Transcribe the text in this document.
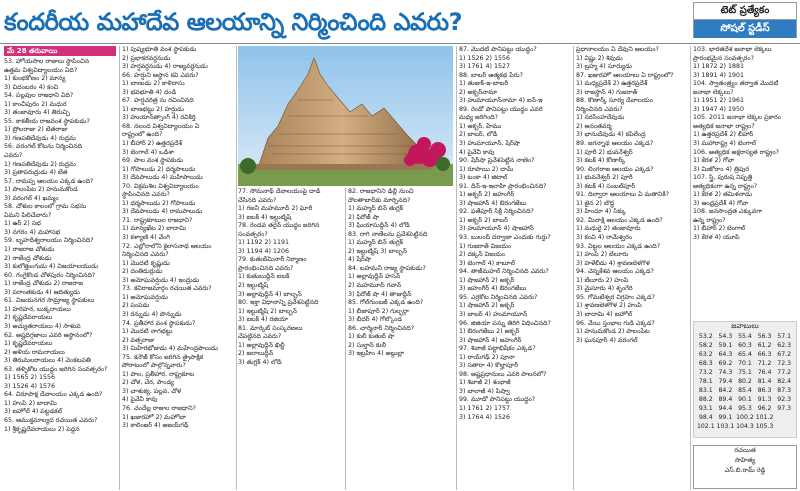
కందరీయ మహాదేవ ఆలయాన్ని నిర్మించింది ఎవరు?	టెట్ ప్రత్యేకం
సోషల్ స్టడీస్
మే 28 తరువాయి
53. హోయసాల రాజులు స్థాపించిన
ఉత్తమ విశ్వవిద్యాలయం ఏది?
1) కుంభకోణం 2) మాన్య
3) చిదంబరం 4) కంచి
54. పల్లవుల రాజధాని ఏది?
1) కాంచీపురం 2) మధుర
3) తంజావూరు 4) తిరుచ్చి
55. కాకతీయ రాజవంశ స్థాపకుడు?
1) ప్రోలరాజు 2) బేతరాజు
3) గణపతిదేవుడు 4) రుద్రమ
56. వరంగల్ కోటను నిర్మించినది
ఎవరు?
1) గణపతిదేవుడు 2) రుద్రమ
3) ప్రతాపరుద్రుడు 4) బేత
57. రామప్ప ఆలయం ఎక్కడ ఉంది?
1) పాలంపేట 2) హనుమకొండ
3) వరంగల్ 4) ఖమ్మం
58. చోళుల కాలంలో గ్రామ సభను
ఏమని పిలిచేవారు?
1) ఉర్ 2) సభ
3) నగరం 4) మహాసభ
59. బృహదీశ్వరాలయం నిర్మించినది?
1) రాజరాజ చోళుడు
2) రాజేంద్ర చోళుడు
3) కులోత్తుంగుడు 4) విజయాలయుడు
60. గంగైకొండ చోళపురం నిర్మించినది?
1) రాజేంద్ర చోళుడు 2) రాజరాజ
3) పరాంతకుడు 4) ఆదిత్యుడు
61. విజయనగర సామ్రాజ్య స్థాపకులు
1) హరిహర, బుక్కరాయలు
2) కృష్ణదేవరాయలు
3) అచ్యుతరాయలు 4) సాళువ
62. అష్టదిగ్గజాలు ఎవరి ఆస్థానంలో?
1) కృష్ణదేవరాయలు
2) అళియ రామరాయలు
3) తిరుమలరాయలు 4) వెంకటపతి
63. తళ్ళికోట యుద్ధం జరిగిన సంవత్సరం?
1) 1565 2) 1556
3) 1526 4) 1576
64. విరూపాక్ష దేవాలయం ఎక్కడ ఉంది?
1) హంపి 2) బాదామి
3) ఐహోల్ 4) పట్టడకల్
65. ఆముక్తమాల్యద రచయిత ఎవరు?
1) శ్రీకృష్ణదేవరాయలు 2) పెద్దన
1) పుష్యభూతి వంశ స్థాపకుడు
2) ప్రభాకరవర్ధనుడు
3) హర్షవర్ధనుడు 4) రాజ్యవర్ధనుడు
66. హర్షుని ఆస్థాన కవి ఎవరు?
1) బాణుడు 2) కాళిదాసు
3) భవభూతి 4) దండి
67. హర్షచరిత్ర ను రచించినది
1) బాణభట్టు 2) హర్షుడు
3) హుయాన్‌త్సాంగ్ 4) రవికీర్తి
68. నలంద విశ్వవిద్యాలయం ఏ
రాష్ట్రంలో ఉంది?
1) బీహార్ 2) ఉత్తరప్రదేశ్
3) బెంగాల్ 4) ఒడిశా
69. పాల వంశ స్థాపకుడు
1) గోపాలుడు 2) ధర్మపాలుడు
3) దేవపాలుడు 4) మహీపాలుడు
70. విక్రమశిల విశ్వవిద్యాలయం
స్థాపించినది ఎవరు?
1) ధర్మపాలుడు 2) గోపాలుడు
3) దేవపాలుడు 4) రామపాలుడు
71. రాష్ట్రకూటుల రాజధాని?
1) మాన్యఖేట 2) బాదామి
3) కళ్యాణి 4) వేంగి
72. ఎల్లోరాలోని కైలాసనాథ ఆలయం
నిర్మించినది ఎవరు?
1) మొదటి కృష్ణుడు
2) దంతిదుర్గుడు
3) అమోఘవర్షుడు 4) ఇంద్రుడు
73. కవిరాజమార్గం రచయిత ఎవరు?
1) అమోఘవర్షుడు
2) పంపడు
3) రన్నుడు 4) పొన్నుడు
74. ప్రతీహార వంశ స్థాపకుడు?
1) మొదటి నాగభట్టు
2) వత్సరాజు
3) మిహిరభోజుడు 4) మహేంద్రపాలుడు
75. కనౌజ్ కోసం జరిగిన త్రైపాక్షిక
పోరాటంలో పాల్గొన్నవారు?
1) పాల, ప్రతీహార, రాష్ట్రకూట
2) చోళ, చేర, పాండ్య
3) చాళుక్య, పల్లవ, చోళ
4) పైవేవీ కావు
76. చందేల్ల రాజుల రాజధాని?
1) ఖజురహో 2) మహోబా
3) కాలింజర్ 4) అజయ్‌గఢ్
77. సోమనాథ్ దేవాలయంపై దాడి
చేసినది ఎవరు?
1) గజనీ మహమూద్ 2) ఘోరీ
3) ఐబక్ 4) ఇల్టుట్మిష్
78. రెండవ తరైన్ యుద్ధం జరిగిన
సంవత్సరం?
1) 1192 2) 1191
3) 1194 4) 1206
79. కుతుబ్‌మినార్ నిర్మాణం
ప్రారంభించినది ఎవరు?
1) కుతుబుద్దీన్ ఐబక్
2) ఇల్టుట్మిష్
3) అల్లావుద్దీన్ 4) బాల్బన్
80. ఇక్తా విధానాన్ని ప్రవేశపెట్టినది
1) ఇల్టుట్మిష్ 2) బాల్బన్
3) ఐబక్ 4) రజియా
81. మార్కెట్ సంస్కరణలు
చేపట్టినది ఎవరు?
1) అల్లావుద్దీన్ ఖిల్జీ
2) జలాలుద్దీన్
3) తుగ్లక్ 4) లోడీ
82. రాజధానిని ఢిల్లీ నుంచి
దౌలతాబాద్‌కు మార్చినది?
1) మహ్మద్ బిన్ తుగ్లక్
2) ఫిరోజ్ షా
3) ఘియాసుద్దీన్ 4) లోడీ
83. రాగి నాణేలను ప్రవేశపెట్టినది
1) మహ్మద్ బిన్ తుగ్లక్
2) ఇల్టుట్మిష్ 3) బాల్బన్
4) షేర్‌షా
84. బహమనీ రాజ్య స్థాపకుడు?
1) అల్లావుద్దీన్ హసన్
2) మహమూద్ గవాన్
3) ఫిరోజ్ షా 4) తాజుద్దీన్
85. గోల్‌గుంబజ్ ఎక్కడ ఉంది?
1) బీజాపూర్ 2) గుల్బర్గా
3) బీదర్ 4) గోల్కొండ
86. చార్మినార్ నిర్మించినది?
1) కులీ కుతుబ్ షా
2) సుల్తాన్ కులీ
3) ఇబ్రహీం 4) అబ్దుల్లా
87. మొదటి పానిపట్టు యుద్ధం?
1) 1526 2) 1556
3) 1761 4) 1527
88. బాబర్ ఆత్మకథ పేరు?
1) తుజుక్-ఇ-బాబరీ
2) అక్బర్‌నామా
3) హుమాయూన్‌నామా 4) ఐన్-ఇ
89. రెండో పానిపట్టు యుద్ధం ఎవరి
మధ్య జరిగింది?
1) అక్బర్, హేము
2) బాబర్, లోడీ
3) హుమాయూన్, షేర్‌షా
4) పైవేవీ కావు
90. షేర్‌షా ప్రవేశపెట్టిన నాణెం?
1) రూపాయి 2) దామ్
3) టంకా 4) జిటాల్
91. దీన్-ఇ-ఇలాహీ ప్రారంభించినది?
1) అక్బర్ 2) జహంగీర్
3) షాజహాన్ 4) ఔరంగజేబు
92. ఫతేపూర్ సిక్రీ నిర్మించినది?
1) అక్బర్ 2) బాబర్
3) హుమాయూన్ 4) షాజహాన్
93. బులంద్ దర్వాజా ఎందుకు గుర్తు?
1) గుజరాత్ విజయం
2) దక్కన్ విజయం
3) బెంగాల్ 4) కాబూల్
94. తాజ్‌మహల్ నిర్మించినది ఎవరు?
1) షాజహాన్ 2) అక్బర్
3) జహంగీర్ 4) ఔరంగజేబు
95. ఎర్రకోట నిర్మించినది ఎవరు?
1) షాజహాన్ 2) అక్బర్
3) బాబర్ 4) హుమాయూన్
96. జిజియా పన్ను తిరిగి విధించినది?
1) ఔరంగజేబు 2) అక్బర్
3) షాజహాన్ 4) జహంగీర్
97. శివాజీ పట్టాభిషేకం ఎక్కడ?
1) రాయ్‌గఢ్ 2) పూనా
3) సతారా 4) కొల్హాపూర్
98. అష్టప్రధానులు ఎవరి పాలనలో?
1) శివాజీ 2) శంభాజీ
3) బాలాజీ 4) పీష్వా
99. మూడో పానిపట్టు యుద్ధం?
1) 1761 2) 1757
3) 1764 4) 1526
ప్రధానాలయం ఏ దేవుని ఆలయం?
1) విష్ణు 2) శివుడు
3) బ్రహ్మ 4) సూర్యుడు
87. ఖజురహో ఆలయాలు ఏ రాష్ట్రంలో?
1) మధ్యప్రదేశ్ 2) ఉత్తరప్రదేశ్
3) రాజస్థాన్ 4) గుజరాత్
88. కొణార్క్ సూర్య దేవాలయం
నిర్మించినది ఎవరు?
1) నరసింహదేవుడు
2) అనంతవర్మ
3) భానుదేవుడు 4) కపిలేంద్ర
89. జగన్నాథ ఆలయం ఎక్కడ?
1) పూరీ 2) భువనేశ్వర్
3) కటక్ 4) కోణార్క్
90. లింగరాజ ఆలయం ఎక్కడ?
1) భువనేశ్వర్ 2) పూరీ
3) కటక్ 4) సంబల్‌పూర్
91. దిల్వారా ఆలయాలు ఏ మతానికి?
1) జైన 2) బౌద్ధ
3) హిందూ 4) సిక్కు
92. మీనాక్షి ఆలయం ఎక్కడ ఉంది?
1) మధురై 2) తంజావూరు
3) కంచి 4) రామేశ్వరం
93. విట్టల ఆలయం ఎక్కడ ఉంది?
1) హంపి 2) బేలూరు
3) హళేబీడు 4) శ్రావణబెళగొళ
94. చెన్నకేశవ ఆలయం ఎక్కడ?
1) బేలూరు 2) హంపి
3) మైసూరు 4) శృంగేరి
95. గోమటేశ్వర విగ్రహం ఎక్కడ?
1) శ్రావణబెళగొళ 2) హంపి
3) బాదామి 4) ఐహోల్
96. వేయి స్తంభాల గుడి ఎక్కడ?
1) హనుమకొండ 2) పాలంపేట
3) ఘనపూర్ 4) వరంగల్
103. భారతదేశ జనాభా లెక్కలు
ప్రారంభమైన సంవత్సరం?
1) 1872 2) 1881
3) 1891 4) 1901
104. స్వాతంత్ర్యం తర్వాత మొదటి
జనాభా లెక్కలు?
1) 1951 2) 1961
3) 1947 4) 1950
105. 2011 జనాభా లెక్కల ప్రకారం
అత్యధిక జనాభా రాష్ట్రం?
1) ఉత్తరప్రదేశ్ 2) బీహార్
3) మహారాష్ట్ర 4) బెంగాల్
106. అత్యధిక అక్షరాస్యత రాష్ట్రం?
1) కేరళ 2) గోవా
3) మిజోరాం 4) త్రిపుర
107. స్త్రీ, పురుష నిష్పత్తి
అత్యధికంగా ఉన్న రాష్ట్రం?
1) కేరళ 2) తమిళనాడు
3) ఆంధ్రప్రదేశ్ 4) గోవా
108. జనసాంద్రత ఎక్కువగా
ఉన్న రాష్ట్రం?
1) బీహార్ 2) బెంగాల్
3) కేరళ 4) యూపీ
జవాబులు
53.2 54.3 55.4 56.3 57.1
58.2 59.1 60.3 61.2 62.3
63.2 64.3 65.4 66.3 67.2
68.3 69.2 70.1 71.2 72.3
73.2 74.3 75.1 76.4 77.2
78.1 79.4 80.2 81.4 82.4
83.1 84.2 85.4 86.3 87.3
88.2 89.4 90.1 91.3 92.3
93.1 94.4 95.3 96.2 97.3
98.4 99.1 100.2 101.2
102.1 103.1 104.3 105.3
రచయిత
సాహిత్య
ఎస్.బి.రామ్ రెడ్డి
